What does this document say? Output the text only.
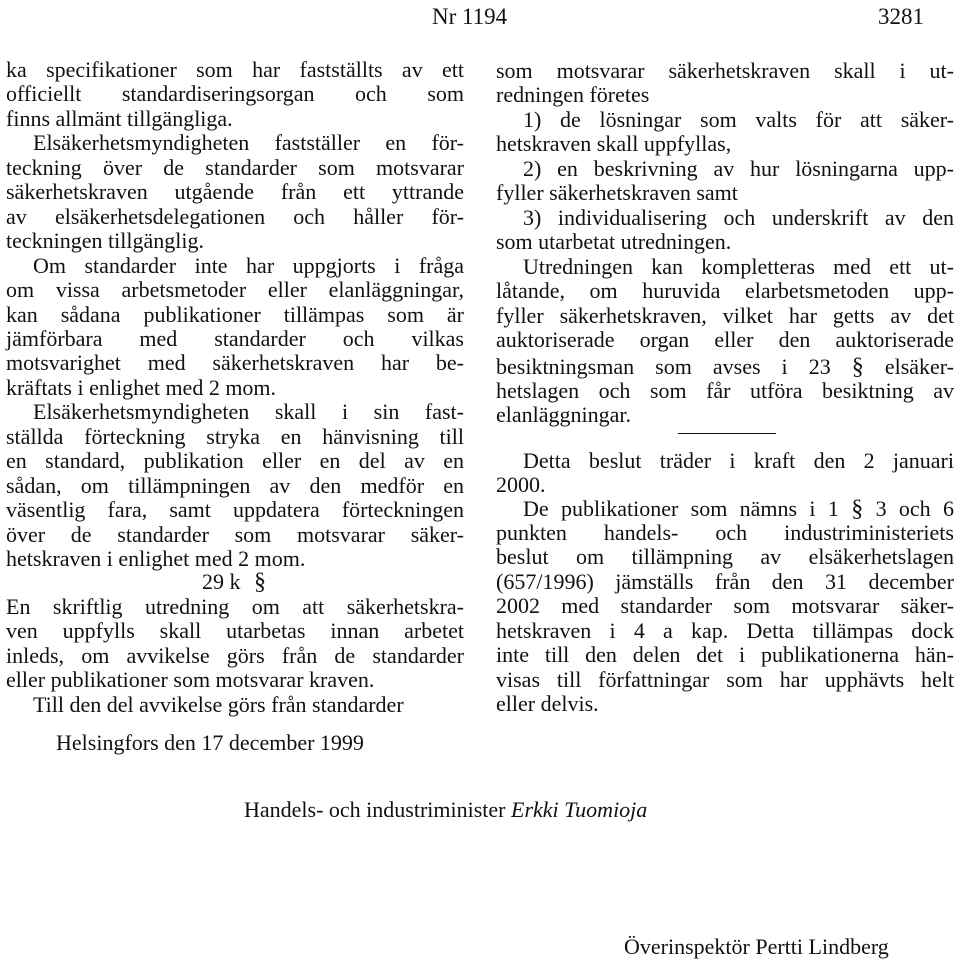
Nr 1194	3281
ka specifikationer som har fastställts av ett
officiellt standardiseringsorgan och som
finns allmänt tillgängliga.
Elsäkerhetsmyndigheten fastställer en för-
teckning över de standarder som motsvarar
säkerhetskraven utgående från ett yttrande
av elsäkerhetsdelegationen och håller för-
teckningen tillgänglig.
Om standarder inte har uppgjorts i fråga
om vissa arbetsmetoder eller elanläggningar,
kan sådana publikationer tillämpas som är
jämförbara med standarder och vilkas
motsvarighet med säkerhetskraven har be-
kräftats i enlighet med 2 mom.
Elsäkerhetsmyndigheten skall i sin fast-
ställda förteckning stryka en hänvisning till
en standard, publikation eller en del av en
sådan, om tillämpningen av den medför en
väsentlig fara, samt uppdatera förteckningen
över de standarder som motsvarar säker-
hetskraven i enlighet med 2 mom.
29 k §
En skriftlig utredning om att säkerhetskra-
ven uppfylls skall utarbetas innan arbetet
inleds, om avvikelse görs från de standarder
eller publikationer som motsvarar kraven.
Till den del avvikelse görs från standarder
som motsvarar säkerhetskraven skall i ut-
redningen företes
1) de lösningar som valts för att säker-
hetskraven skall uppfyllas,
2) en beskrivning av hur lösningarna upp-
fyller säkerhetskraven samt
3) individualisering och underskrift av den
som utarbetat utredningen.
Utredningen kan kompletteras med ett ut-
låtande, om huruvida elarbetsmetoden upp-
fyller säkerhetskraven, vilket har getts av det
auktoriserade organ eller den auktoriserade
besiktningsman som avses i 23 § elsäker-
hetslagen och som får utföra besiktning av
elanläggningar.
Detta beslut träder i kraft den 2 januari
2000.
De publikationer som nämns i 1 § 3 och 6
punkten handels- och industriministeriets
beslut om tillämpning av elsäkerhetslagen
(657/1996) jämställs från den 31 december
2002 med standarder som motsvarar säker-
hetskraven i 4 a kap. Detta tillämpas dock
inte till den delen det i publikationerna hän-
visas till författningar som har upphävts helt
eller delvis.
Helsingfors den 17 december 1999
Handels- och industriminister Erkki Tuomioja
Överinspektör Pertti Lindberg
